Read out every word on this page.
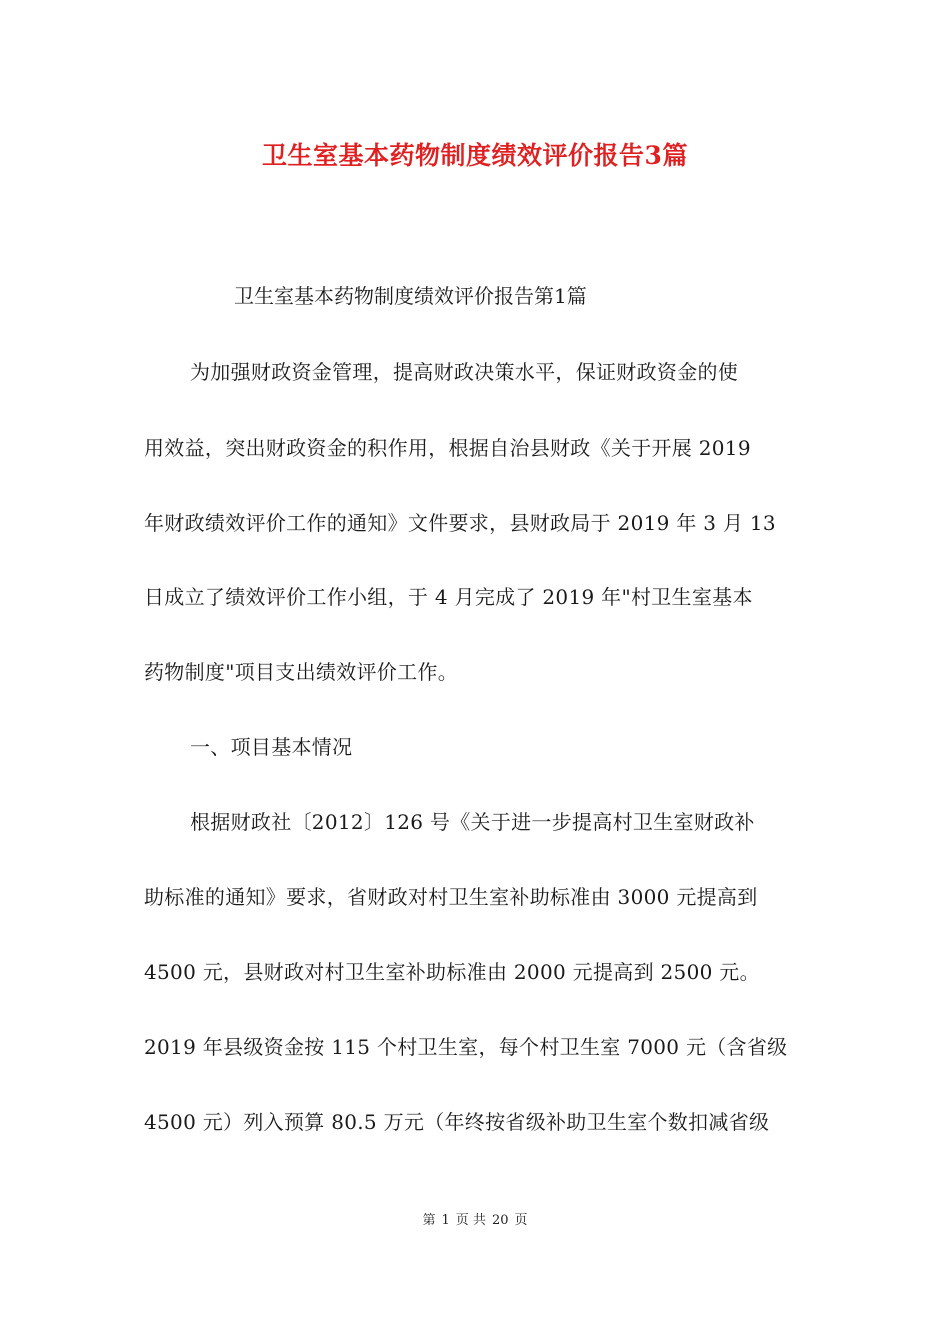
卫生室基本药物制度绩效评价报告3篇
卫生室基本药物制度绩效评价报告第1篇
为加强财政资金管理，提高财政决策水平，保证财政资金的使
用效益，突出财政资金的积作用，根据自治县财政《关于开展 2019
年财政绩效评价工作的通知》文件要求，县财政局于 2019 年 3 月 13
日成立了绩效评价工作小组，于 4 月完成了 2019 年"村卫生室基本
药物制度"项目支出绩效评价工作。
一、项目基本情况
根据财政社〔2012〕126 号《关于进一步提高村卫生室财政补
助标准的通知》要求，省财政对村卫生室补助标准由 3000 元提高到
4500 元，县财政对村卫生室补助标准由 2000 元提高到 2500 元。
2019 年县级资金按 115 个村卫生室，每个村卫生室 7000 元（含省级
4500 元）列入预算 80.5 万元（年终按省级补助卫生室个数扣减省级
第 1 页 共 20 页
